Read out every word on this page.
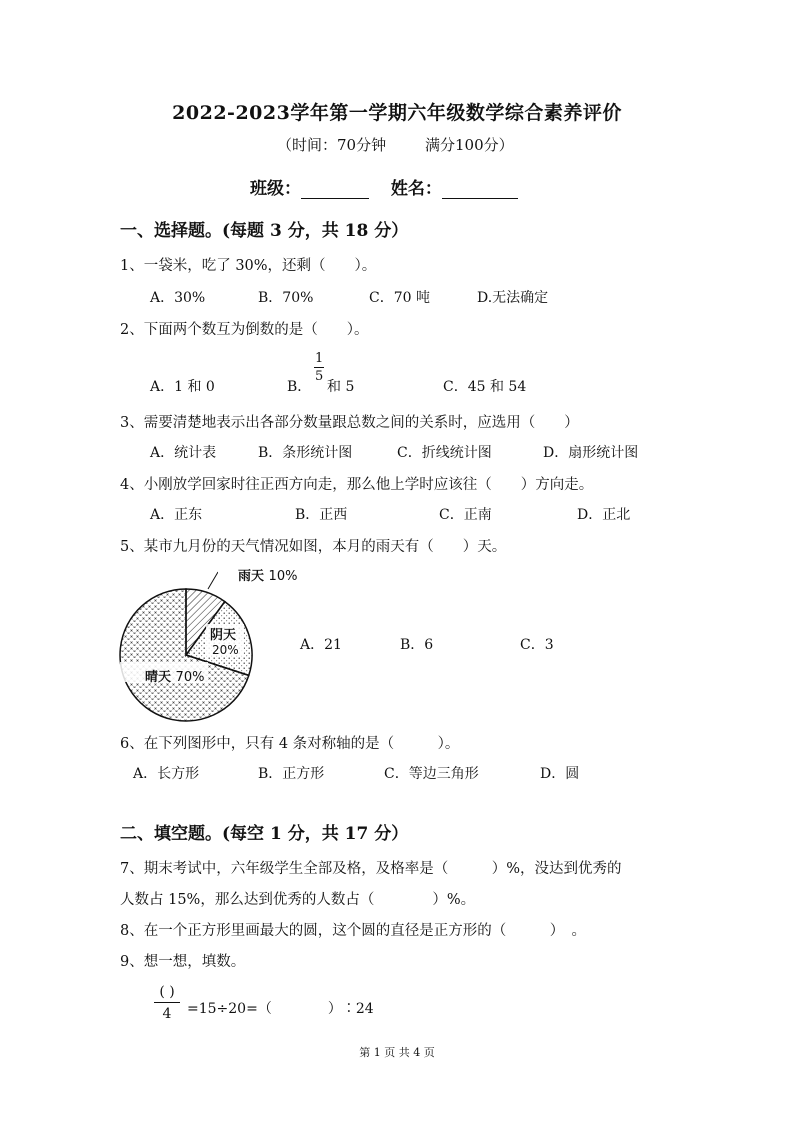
2022-2023学年第一学期六年级数学综合素养评价
（时间：70分钟	满分100分）
班级：	姓名：
一、选择题。(每题 3 分，共 18 分）
1、一袋米，吃了 30%，还剩（　　）。
A．30%	B．70%	C．70 吨	D.无法确定
2、下面两个数互为倒数的是（　　）。
A．1 和 0	B．
1
5
和 5	C．45 和 54
3、需要清楚地表示出各部分数量跟总数之间的关系时，应选用（　　）
A．统计表	B．条形统计图	C．折线统计图	D．扇形统计图
4、小刚放学回家时往正西方向走，那么他上学时应该往（　　）方向走。
A．正东	B．正西	C．正南	D．正北
5、某市九月份的天气情况如图，本月的雨天有（　　）天。
雨天 10%
阴天
20%
晴天 70%
A．21	B．6	C．3
6、在下列图形中，只有 4 条对称轴的是（　　　）。
A．长方形	B．正方形	C．等边三角形	D．圆
二、填空题。(每空 1 分，共 17 分）
7、期末考试中，六年级学生全部及格，及格率是（　　　）%，没达到优秀的
人数占 15%，那么达到优秀的人数占（　　　　）%。
8、在一个正方形里画最大的圆，这个圆的直径是正方形的（　　　）　。
9、想一想，填数。
( )
4	=15÷20=（　　　　）∶24
第 1 页 共 4 页
